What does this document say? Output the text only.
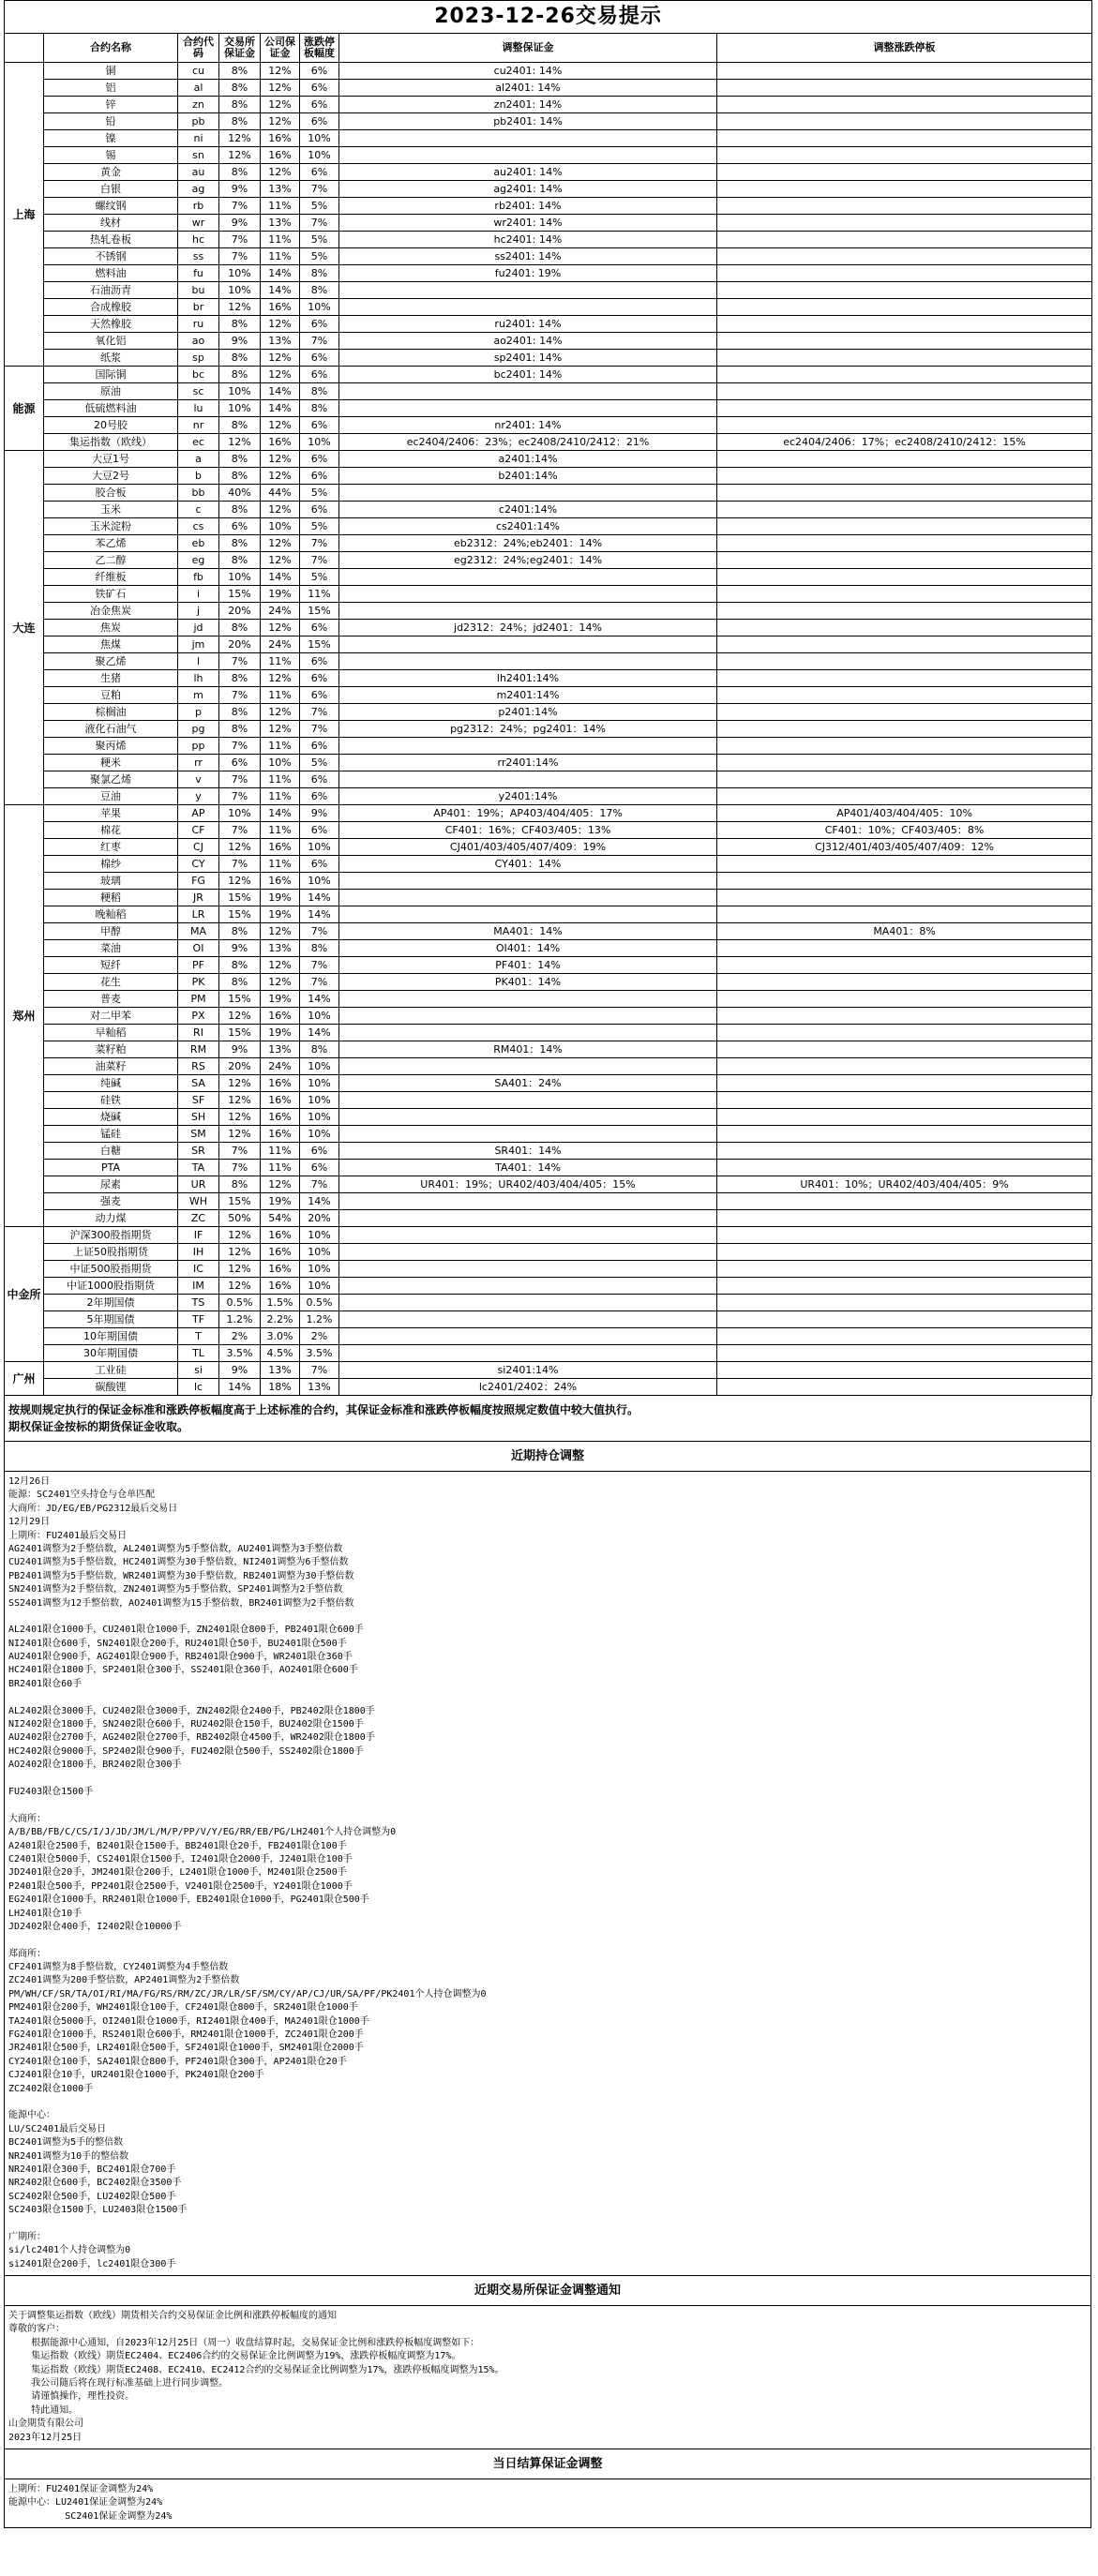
2023-12-26交易提示							
	合约名称	合约代码	交易所保证金	公司保证金	涨跌停板幅度	调整保证金	调整涨跌停板
上海	铜	cu	8%	12%	6%	cu2401: 14%	
	铝	al	8%	12%	6%	al2401: 14%	
	锌	zn	8%	12%	6%	zn2401: 14%	
	铅	pb	8%	12%	6%	pb2401: 14%	
	镍	ni	12%	16%	10%		
	锡	sn	12%	16%	10%		
	黄金	au	8%	12%	6%	au2401: 14%	
	白银	ag	9%	13%	7%	ag2401: 14%	
	螺纹钢	rb	7%	11%	5%	rb2401: 14%	
	线材	wr	9%	13%	7%	wr2401: 14%	
	热轧卷板	hc	7%	11%	5%	hc2401: 14%	
	不锈钢	ss	7%	11%	5%	ss2401: 14%	
	燃料油	fu	10%	14%	8%	fu2401: 19%	
	石油沥青	bu	10%	14%	8%		
	合成橡胶	br	12%	16%	10%		
	天然橡胶	ru	8%	12%	6%	ru2401: 14%	
	氧化铝	ao	9%	13%	7%	ao2401: 14%	
	纸浆	sp	8%	12%	6%	sp2401: 14%	
能源	国际铜	bc	8%	12%	6%	bc2401: 14%	
	原油	sc	10%	14%	8%		
	低硫燃料油	lu	10%	14%	8%		
	20号胶	nr	8%	12%	6%	nr2401: 14%	
	集运指数（欧线）	ec	12%	16%	10%	ec2404/2406：23%；ec2408/2410/2412：21%	ec2404/2406：17%；ec2408/2410/2412：15%
大连	大豆1号	a	8%	12%	6%	a2401:14%	
	大豆2号	b	8%	12%	6%	b2401:14%	
	胶合板	bb	40%	44%	5%		
	玉米	c	8%	12%	6%	c2401:14%	
	玉米淀粉	cs	6%	10%	5%	cs2401:14%	
	苯乙烯	eb	8%	12%	7%	eb2312：24%;eb2401：14%	
	乙二醇	eg	8%	12%	7%	eg2312：24%;eg2401：14%	
	纤维板	fb	10%	14%	5%		
	铁矿石	i	15%	19%	11%		
	冶金焦炭	j	20%	24%	15%		
	焦炭	jd	8%	12%	6%	jd2312：24%；jd2401：14%	
	焦煤	jm	20%	24%	15%		
	聚乙烯	l	7%	11%	6%		
	生猪	lh	8%	12%	6%	lh2401:14%	
	豆粕	m	7%	11%	6%	m2401:14%	
	棕榈油	p	8%	12%	7%	p2401:14%	
	液化石油气	pg	8%	12%	7%	pg2312：24%；pg2401：14%	
	聚丙烯	pp	7%	11%	6%		
	粳米	rr	6%	10%	5%	rr2401:14%	
	聚氯乙烯	v	7%	11%	6%		
	豆油	y	7%	11%	6%	y2401:14%	
郑州	苹果	AP	10%	14%	9%	AP401：19%；AP403/404/405：17%	AP401/403/404/405：10%
	棉花	CF	7%	11%	6%	CF401：16%；CF403/405：13%	CF401：10%；CF403/405：8%
	红枣	CJ	12%	16%	10%	CJ401/403/405/407/409：19%	CJ312/401/403/405/407/409：12%
	棉纱	CY	7%	11%	6%	CY401：14%	
	玻璃	FG	12%	16%	10%		
	粳稻	JR	15%	19%	14%		
	晚籼稻	LR	15%	19%	14%		
	甲醇	MA	8%	12%	7%	MA401：14%	MA401：8%
	菜油	OI	9%	13%	8%	OI401：14%	
	短纤	PF	8%	12%	7%	PF401：14%	
	花生	PK	8%	12%	7%	PK401：14%	
	普麦	PM	15%	19%	14%		
	对二甲苯	PX	12%	16%	10%		
	早籼稻	RI	15%	19%	14%		
	菜籽粕	RM	9%	13%	8%	RM401：14%	
	油菜籽	RS	20%	24%	10%		
	纯碱	SA	12%	16%	10%	SA401：24%	
	硅铁	SF	12%	16%	10%		
	烧碱	SH	12%	16%	10%		
	锰硅	SM	12%	16%	10%		
	白糖	SR	7%	11%	6%	SR401：14%	
	PTA	TA	7%	11%	6%	TA401：14%	
	尿素	UR	8%	12%	7%	UR401：19%；UR402/403/404/405：15%	UR401：10%；UR402/403/404/405：9%
	强麦	WH	15%	19%	14%		
	动力煤	ZC	50%	54%	20%		
中金所	沪深300股指期货	IF	12%	16%	10%		
	上证50股指期货	IH	12%	16%	10%		
	中证500股指期货	IC	12%	16%	10%		
	中证1000股指期货	IM	12%	16%	10%		
	2年期国债	TS	0.5%	1.5%	0.5%		
	5年期国债	TF	1.2%	2.2%	1.2%		
	10年期国债	T	2%	3.0%	2%		
	30年期国债	TL	3.5%	4.5%	3.5%		
广州	工业硅	si	9%	13%	7%	si2401:14%	
	碳酸锂	lc	14%	18%	13%	lc2401/2402：24%	
按规则规定执行的保证金标准和涨跌停板幅度高于上述标准的合约，其保证金标准和涨跌停板幅度按照规定数值中较大值执行。
期权保证金按标的期货保证金收取。
近期持仓调整
12月26日
能源：SC2401空头持仓与仓单匹配
大商所：JD/EG/EB/PG2312最后交易日
12月29日
上期所：FU2401最后交易日
AG2401调整为2手整倍数，AL2401调整为5手整倍数，AU2401调整为3手整倍数
CU2401调整为5手整倍数，HC2401调整为30手整倍数，NI2401调整为6手整倍数
PB2401调整为5手整倍数，WR2401调整为30手整倍数，RB2401调整为30手整倍数
SN2401调整为2手整倍数，ZN2401调整为5手整倍数，SP2401调整为2手整倍数
SS2401调整为12手整倍数，AO2401调整为15手整倍数，BR2401调整为2手整倍数
AL2401限仓1000手，CU2401限仓1000手，ZN2401限仓800手，PB2401限仓600手
NI2401限仓600手，SN2401限仓200手，RU2401限仓50手，BU2401限仓500手
AU2401限仓900手，AG2401限仓900手，RB2401限仓900手，WR2401限仓360手
HC2401限仓1800手，SP2401限仓300手，SS2401限仓360手，AO2401限仓600手
BR2401限仓60手
AL2402限仓3000手，CU2402限仓3000手，ZN2402限仓2400手，PB2402限仓1800手
NI2402限仓1800手，SN2402限仓600手，RU2402限仓150手，BU2402限仓1500手
AU2402限仓2700手，AG2402限仓2700手，RB2402限仓4500手，WR2402限仓1800手
HC2402限仓9000手，SP2402限仓900手，FU2402限仓500手，SS2402限仓1800手
AO2402限仓1800手，BR2402限仓300手
FU2403限仓1500手
大商所：
A/B/BB/FB/C/CS/I/J/JD/JM/L/M/P/PP/V/Y/EG/RR/EB/PG/LH2401个人持仓调整为0
A2401限仓2500手，B2401限仓1500手，BB2401限仓20手，FB2401限仓100手
C2401限仓5000手，CS2401限仓1500手，I2401限仓2000手，J2401限仓100手
JD2401限仓20手，JM2401限仓200手，L2401限仓1000手，M2401限仓2500手
P2401限仓500手，PP2401限仓2500手，V2401限仓2500手，Y2401限仓1000手
EG2401限仓1000手，RR2401限仓1000手，EB2401限仓1000手，PG2401限仓500手
LH2401限仓10手
JD2402限仓400手，I2402限仓10000手
郑商所：
CF2401调整为8手整倍数，CY2401调整为4手整倍数
ZC2401调整为200手整倍数，AP2401调整为2手整倍数
PM/WH/CF/SR/TA/OI/RI/MA/FG/RS/RM/ZC/JR/LR/SF/SM/CY/AP/CJ/UR/SA/PF/PK2401个人持仓调整为0
PM2401限仓200手，WH2401限仓100手，CF2401限仓800手，SR2401限仓1000手
TA2401限仓5000手，OI2401限仓1000手，RI2401限仓400手，MA2401限仓1000手
FG2401限仓1000手，RS2401限仓600手，RM2401限仓1000手，ZC2401限仓200手
JR2401限仓500手，LR2401限仓500手，SF2401限仓1000手，SM2401限仓2000手
CY2401限仓100手，SA2401限仓800手，PF2401限仓300手，AP2401限仓20手
CJ2401限仓10手，UR2401限仓1000手，PK2401限仓200手
ZC2402限仓1000手
能源中心：
LU/SC2401最后交易日
BC2401调整为5手的整倍数
NR2401调整为10手的整倍数
NR2401限仓300手，BC2401限仓700手
NR2402限仓600手，BC2402限仓3500手
SC2402限仓500手，LU2402限仓500手
SC2403限仓1500手，LU2403限仓1500手
广期所：
si/lc2401个人持仓调整为0
si2401限仓200手，lc2401限仓300手
近期交易所保证金调整通知
关于调整集运指数（欧线）期货相关合约交易保证金比例和涨跌停板幅度的通知
尊敬的客户：
根据能源中心通知，自2023年12月25日（周一）收盘结算时起，交易保证金比例和涨跌停板幅度调整如下：
集运指数（欧线）期货EC2404、EC2406合约的交易保证金比例调整为19%，涨跌停板幅度调整为17%。
集运指数（欧线）期货EC2408、EC2410、EC2412合约的交易保证金比例调整为17%，涨跌停板幅度调整为15%。
我公司随后将在现行标准基础上进行同步调整。
请谨慎操作，理性投资。
特此通知。
山金期货有限公司
2023年12月25日
当日结算保证金调整
上期所：FU2401保证金调整为24%
能源中心：LU2401保证金调整为24%
SC2401保证金调整为24%
